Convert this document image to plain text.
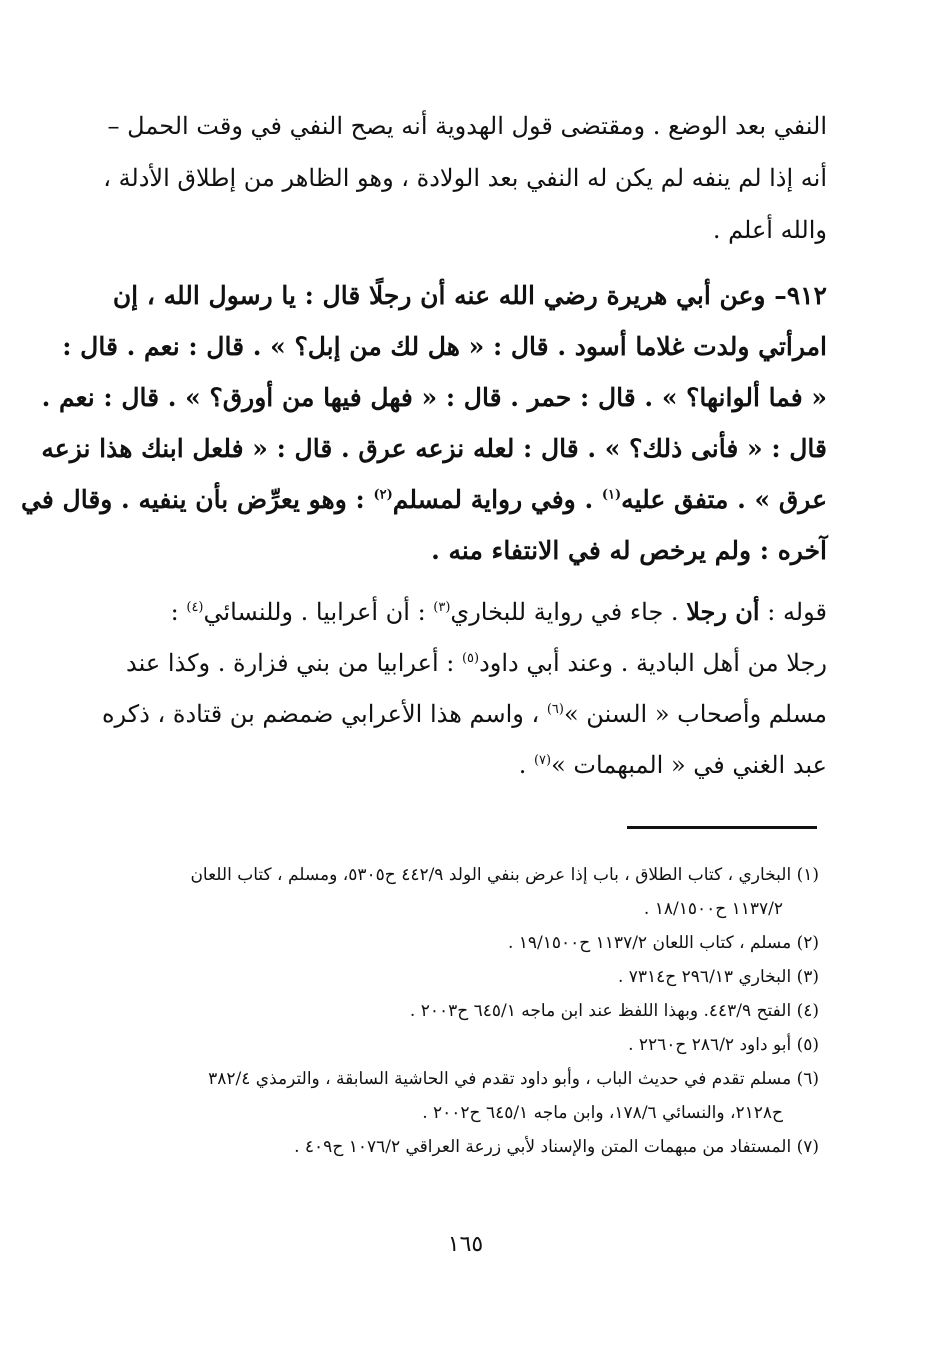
النفي بعد الوضع . ومقتضى قول الهدوية أنه يصح النفي في وقت الحمل –
أنه إذا لم ينفه لم يكن له النفي بعد الولادة ، وهو الظاهر من إطلاق الأدلة ،
والله أعلم .
٩١٢– وعن أبي هريرة رضي الله عنه أن رجلًا قال : يا رسول الله ، إن
امرأتي ولدت غلاما أسود . قال : « هل لك من إبل؟ » . قال : نعم . قال :
« فما ألوانها؟ » . قال : حمر . قال : « فهل فيها من أورق؟ » . قال : نعم .
قال : « فأنى ذلك؟ » . قال : لعله نزعه عرق . قال : « فلعل ابنك هذا نزعه
عرق » . متفق عليه$^{(١)}$ . وفي رواية لمسلم$^{(٢)}$ : وهو يعرِّض بأن ينفيه . وقال في
آخره : ولم يرخص له في الانتفاء منه .
قوله : أن رجلا . جاء في رواية للبخاري$^{(٣)}$ : أن أعرابيا . وللنسائي$^{(٤)}$ :
رجلا من أهل البادية . وعند أبي داود$^{(٥)}$ : أعرابيا من بني فزارة . وكذا عند
مسلم وأصحاب « السنن »$^{(٦)}$ ، واسم هذا الأعرابي ضمضم بن قتادة ، ذكره
عبد الغني في « المبهمات »$^{(٧)}$ .
(١) البخاري ، كتاب الطلاق ، باب إذا عرض بنفي الولد ٤٤٢/٩ ح٥٣٠٥، ومسلم ، كتاب اللعان
١١٣٧/٢ ح١٨/١٥٠٠ .
(٢) مسلم ، كتاب اللعان ١١٣٧/٢ ح١٩/١٥٠٠ .
(٣) البخاري ٢٩٦/١٣ ح٧٣١٤ .
(٤) الفتح ٤٤٣/٩. وبهذا اللفظ عند ابن ماجه ٦٤٥/١ ح٢٠٠٣ .
(٥) أبو داود ٢٨٦/٢ ح٢٢٦٠ .
(٦) مسلم تقدم في حديث الباب ، وأبو داود تقدم في الحاشية السابقة ، والترمذي ٣٨٢/٤
ح٢١٢٨، والنسائي ١٧٨/٦، وابن ماجه ٦٤٥/١ ح٢٠٠٢ .
(٧) المستفاد من مبهمات المتن والإسناد لأبي زرعة العراقي ١٠٧٦/٢ ح٤٠٩ .
١٦٥
